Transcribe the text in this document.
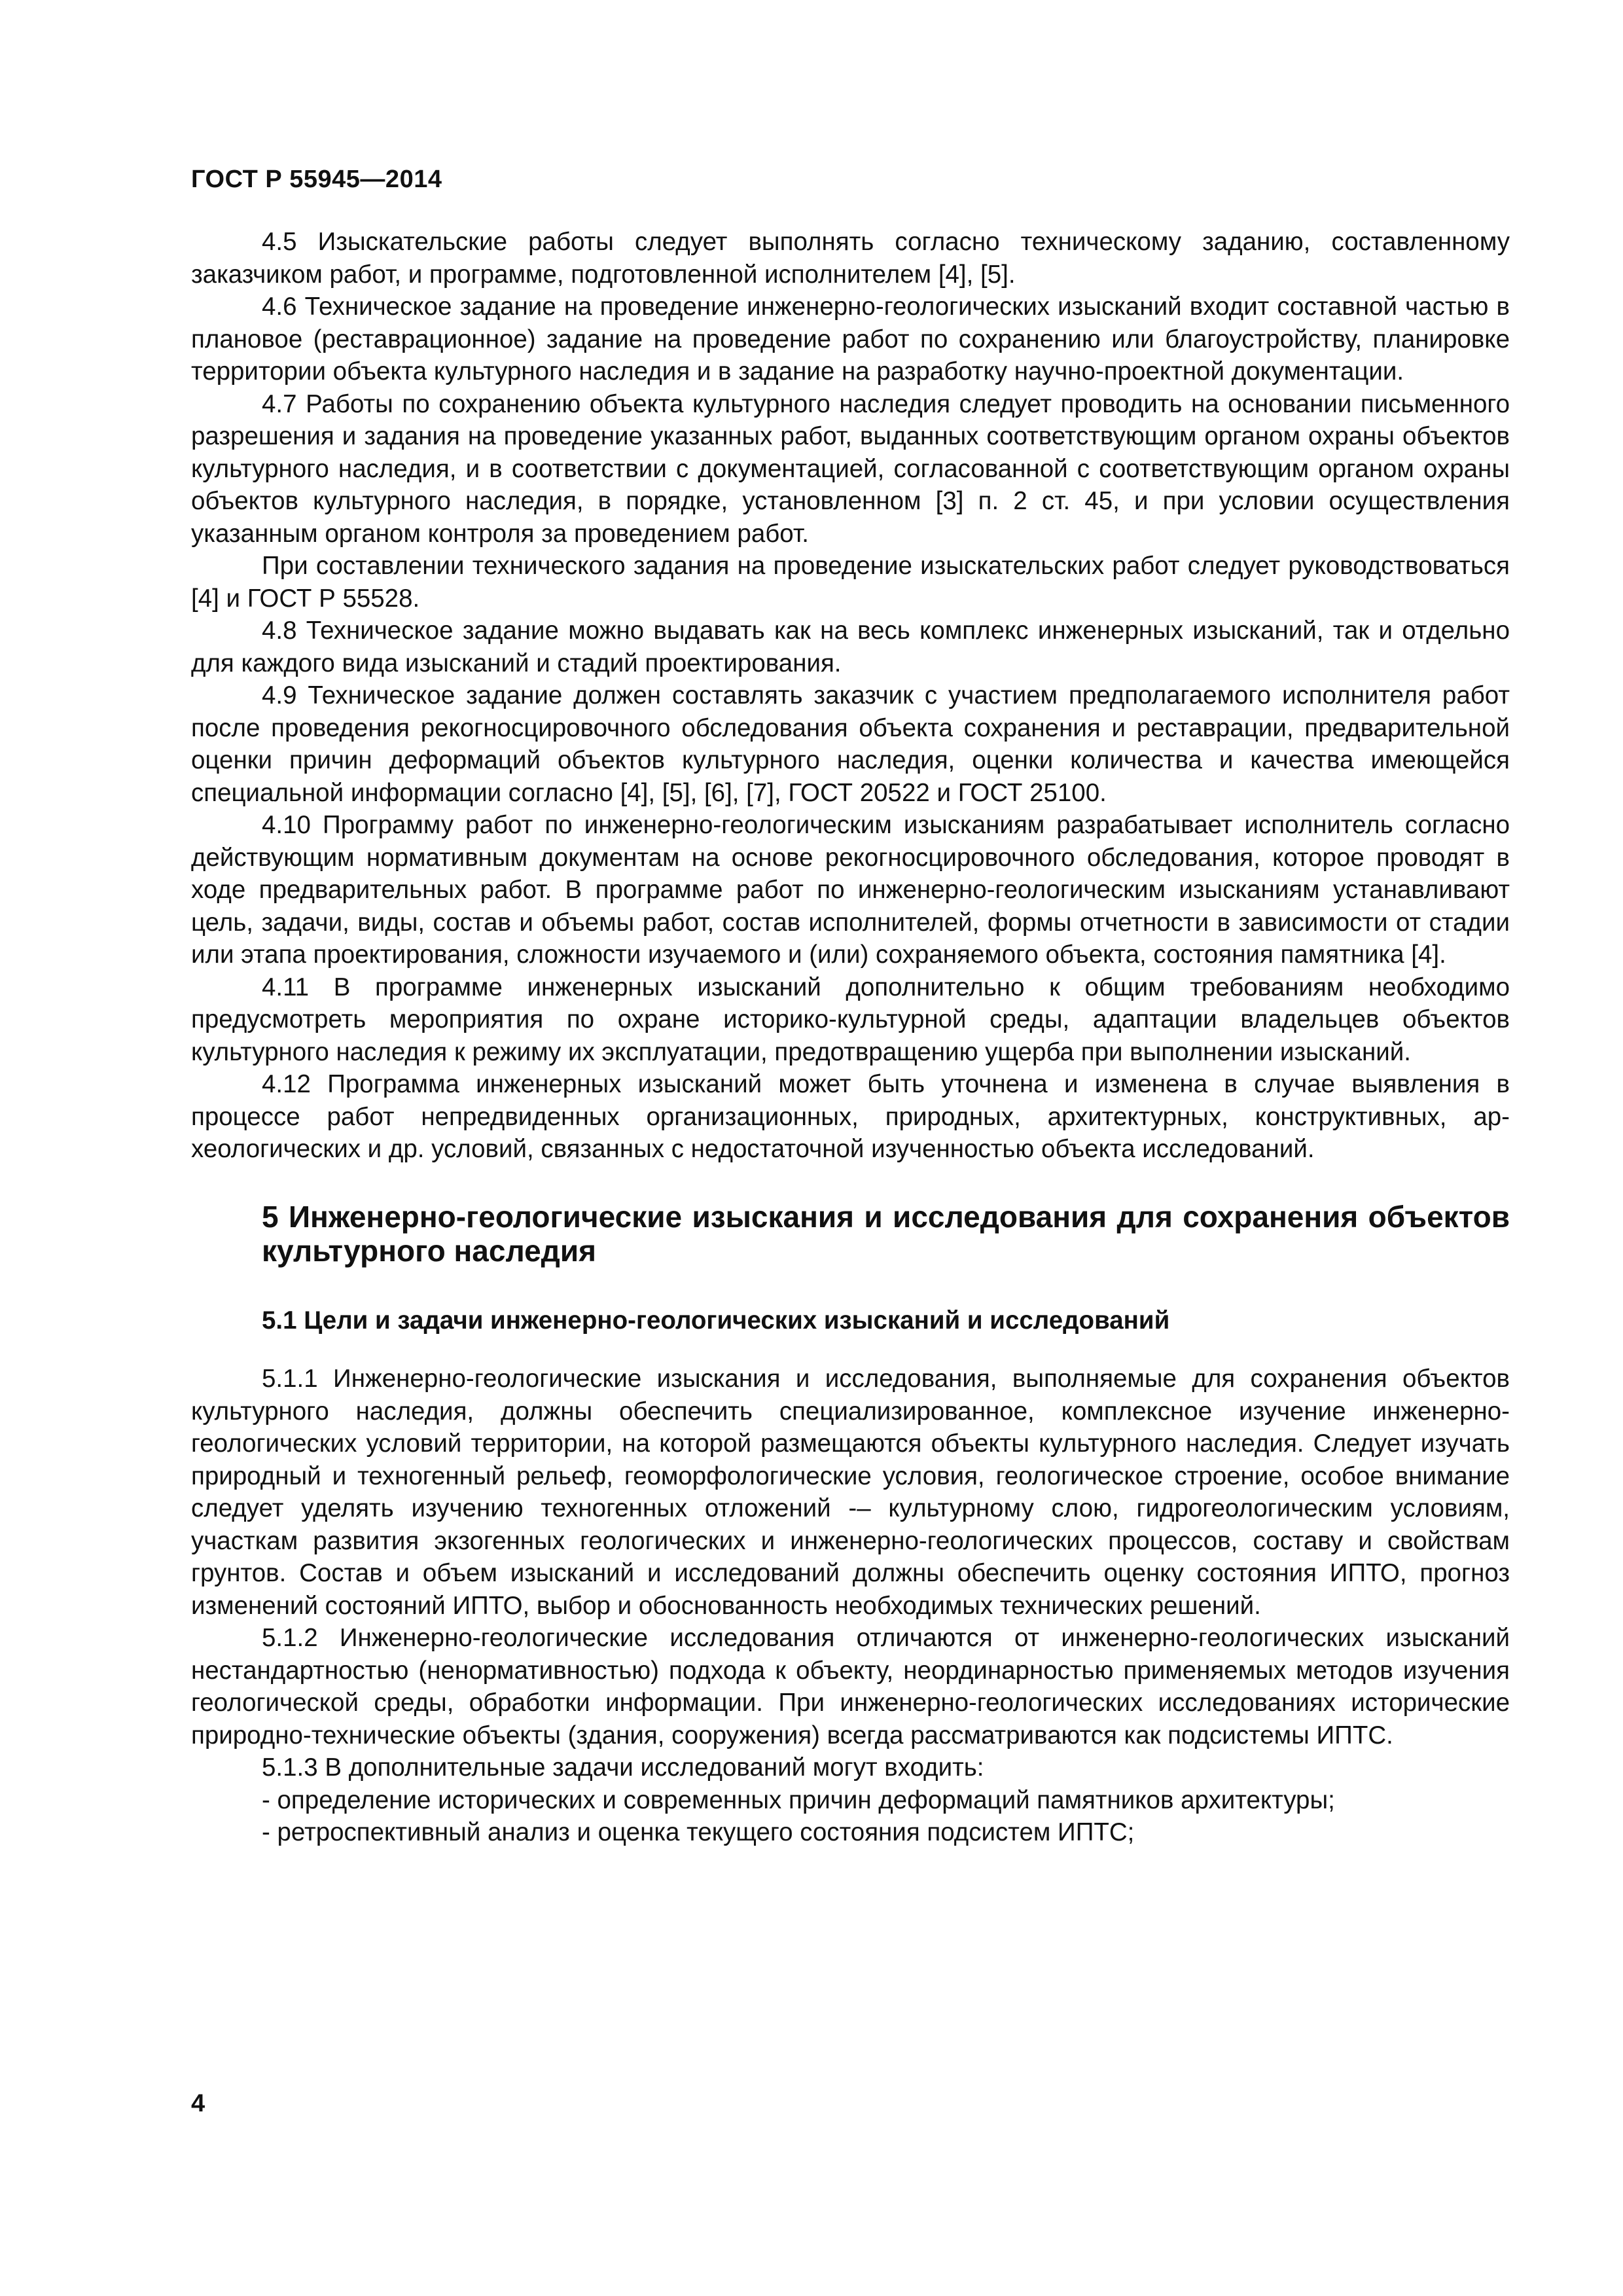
ГОСТ Р 55945—2014

4.5 Изыскательские работы следует выполнять согласно техническому заданию, составленному заказчиком работ, и программе, подготовленной исполнителем [4], [5].

4.6 Техническое задание на проведение инженерно-геологических изысканий входит составной частью в плановое (реставрационное) задание на проведение работ по сохранению или благоустройству, планировке территории объекта культурного наследия и в задание на разработку научно-проектной документации.

4.7 Работы по сохранению объекта культурного наследия следует проводить на основании письменного разрешения и задания на проведение указанных работ, выданных соответствующим органом охраны объектов культурного наследия, и в соответствии с документацией, согласованной с соответствующим органом охраны объектов культурного наследия, в порядке, установленном [3] п. 2 ст. 45, и при условии осуществления указанным органом контроля за проведением работ.

При составлении технического задания на проведение изыскательских работ следует руководствоваться [4] и ГОСТ Р 55528.

4.8 Техническое задание можно выдавать как на весь комплекс инженерных изысканий, так и отдельно для каждого вида изысканий и стадий проектирования.

4.9 Техническое задание должен составлять заказчик с участием предполагаемого исполнителя работ после проведения рекогносцировочного обследования объекта сохранения и реставрации, предварительной оценки причин деформаций объектов культурного наследия, оценки количества и качества имеющейся специальной информации согласно [4], [5], [6], [7], ГОСТ 20522 и ГОСТ 25100.

4.10 Программу работ по инженерно-геологическим изысканиям разрабатывает исполнитель согласно действующим нормативным документам на основе рекогносцировочного обследования, которое проводят в ходе предварительных работ. В программе работ по инженерно-геологическим изысканиям устанавливают цель, задачи, виды, состав и объемы работ, состав исполнителей, формы отчетности в зависимости от стадии или этапа проектирования, сложности изучаемого и (или) сохраняемого объекта, состояния памятника [4].

4.11 В программе инженерных изысканий дополнительно к общим требованиям необходимо предусмотреть мероприятия по охране историко-культурной среды, адаптации владельцев объектов культурного наследия к режиму их эксплуатации, предотвращению ущерба при выполнении изысканий.

4.12 Программа инженерных изысканий может быть уточнена и изменена в случае выявления в процессе работ непредвиденных организационных, природных, архитектурных, конструктивных, археологических и др. условий, связанных с недостаточной изученностью объекта исследований.

5 Инженерно-геологические изыскания и исследования для сохранения объектов культурного наследия
5.1 Цели и задачи инженерно-геологических изысканий и исследований

5.1.1 Инженерно-геологические изыскания и исследования, выполняемые для сохранения объектов культурного наследия, должны обеспечить специализированное, комплексное изучение инженерно-геологических условий территории, на которой размещаются объекты культурного наследия. Следует изучать природный и техногенный рельеф, геоморфологические условия, геологическое строение, особое внимание следует уделять изучению техногенных отложений -– культурному слою, гидрогеологическим условиям, участкам развития экзогенных геологических и инженерно-геологических процессов, составу и свойствам грунтов. Состав и объем изысканий и исследований должны обеспечить оценку состояния ИПТО, прогноз изменений состояний ИПТО, выбор и обоснованность необходимых технических решений.

5.1.2 Инженерно-геологические исследования отличаются от инженерно-геологических изысканий нестандартностью (ненормативностью) подхода к объекту, неординарностью применяемых методов изучения геологической среды, обработки информации. При инженерно-геологических исследованиях исторические природно-технические объекты (здания, сооружения) всегда рассматриваются как подсистемы ИПТС.

5.1.3 В дополнительные задачи исследований могут входить:

- определение исторических и современных причин деформаций памятников архитектуры;

- ретроспективный анализ и оценка текущего состояния подсистем ИПТС;

4
